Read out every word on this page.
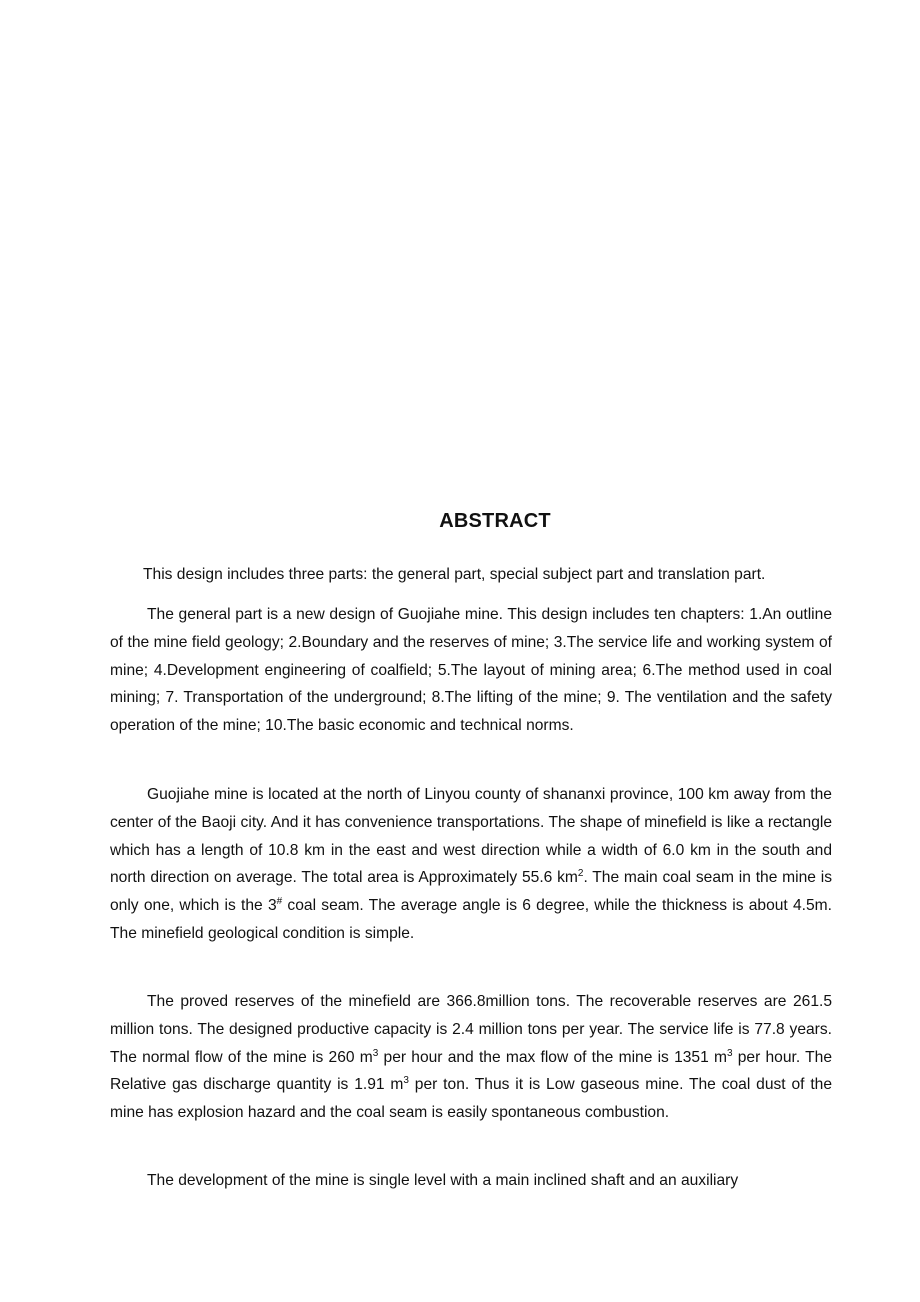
ABSTRACT

This design includes three parts: the general part, special subject part and translation part.

The general part is a new design of Guojiahe mine. This design includes ten chapters: 1.An outline of the mine field geology; 2.Boundary and the reserves of mine; 3.The service life and working system of mine; 4.Development engineering of coalfield; 5.The layout of mining area; 6.The method used in coal mining; 7. Transportation of the underground; 8.The lifting of the mine; 9. The ventilation and the safety operation of the mine; 10.The basic economic and technical norms.

Guojiahe mine is located at the north of Linyou county of shananxi province, 100 km away from the center of the Baoji city. And it has convenience transportations. The shape of minefield is like a rectangle which has a length of 10.8 km in the east and west direction while a width of 6.0 km in the south and north direction on average. The total area is Approximately 55.6 $km^2$. The main coal seam in the mine is only one, which is the 3# coal seam. The average angle is 6 degree, while the thickness is about 4.5m. The minefield geological condition is simple.

The proved reserves of the minefield are 366.8million tons. The recoverable reserves are 261.5 million tons. The designed productive capacity is 2.4 million tons per year. The service life is 77.8 years. The normal flow of the mine is 260 $m^3$ per hour and the max flow of the mine is 1351 $m^3$ per hour. The Relative gas discharge quantity is 1.91 $m^3$ per ton. Thus it is Low gaseous mine. The coal dust of the mine has explosion hazard and the coal seam is easily spontaneous combustion.

The development of the mine is single level with a main inclined shaft and an auxiliary
